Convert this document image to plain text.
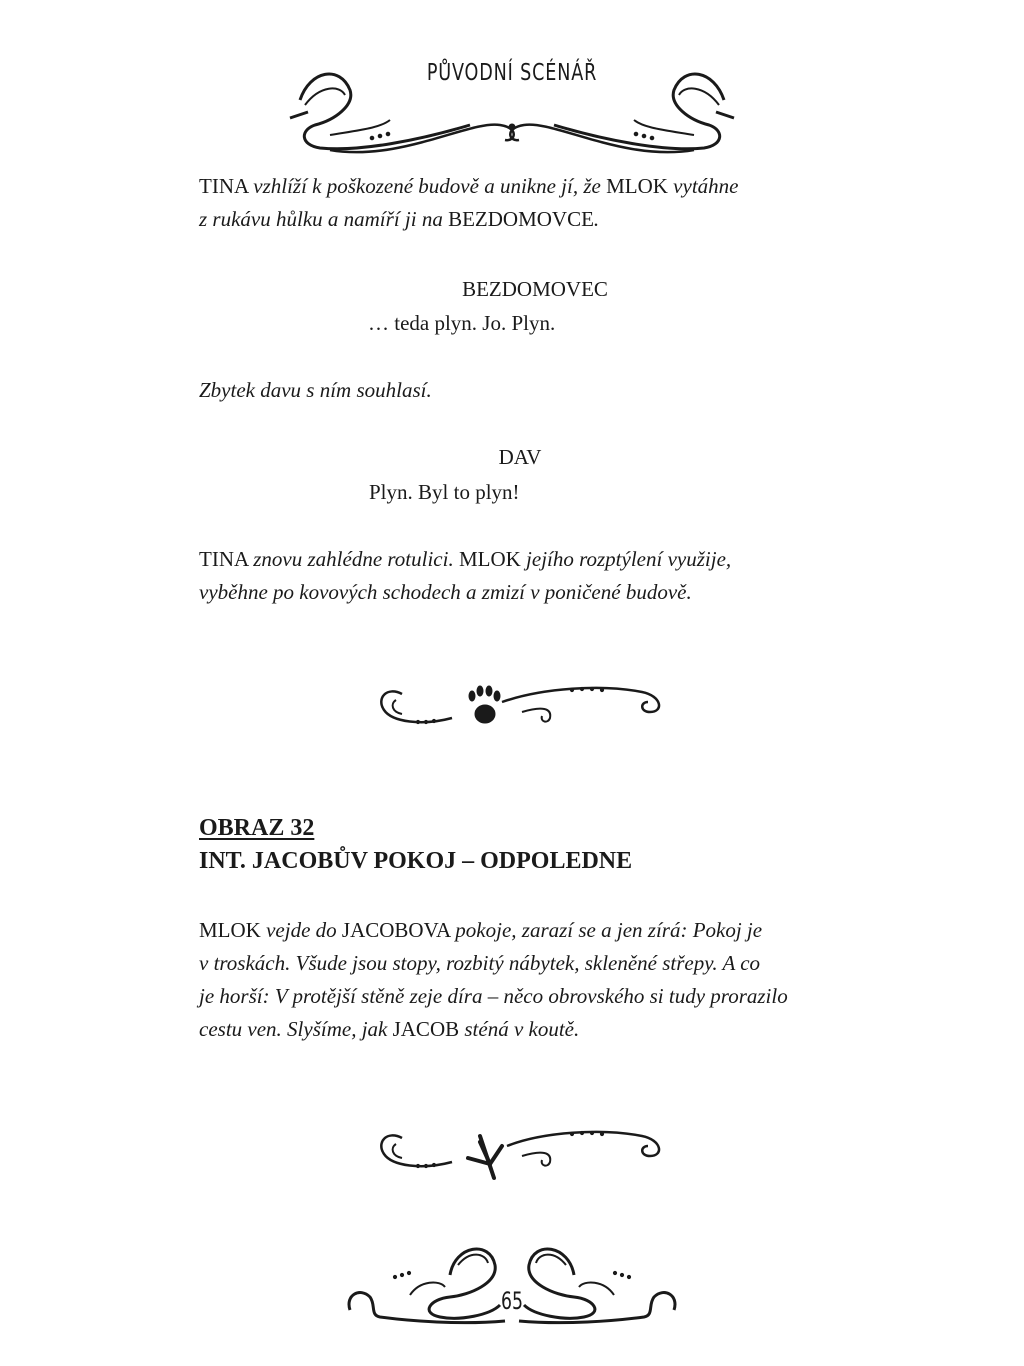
PŮVODNÍ SCÉNÁŘ
TINA vzhlíží k poškozené budově a unikne jí, že MLOK vytáhne
z rukávu hůlku a namíří ji na BEZDOMOVCE.
BEZDOMOVEC
… teda plyn. Jo. Plyn.
Zbytek davu s ním souhlasí.
DAV
Plyn. Byl to plyn!
TINA znovu zahlédne rotulici. MLOK jejího rozptýlení využije,
vyběhne po kovových schodech a zmizí v poničené budově.
OBRAZ 32
INT. JACOBŮV POKOJ – ODPOLEDNE
MLOK vejde do JACOBOVA pokoje, zarazí se a jen zírá: Pokoj je
v troskách. Všude jsou stopy, rozbitý nábytek, skleněné střepy. A co
je horší: V protější stěně zeje díra – něco obrovského si tudy prorazilo
cestu ven. Slyšíme, jak JACOB sténá v koutě.
65
